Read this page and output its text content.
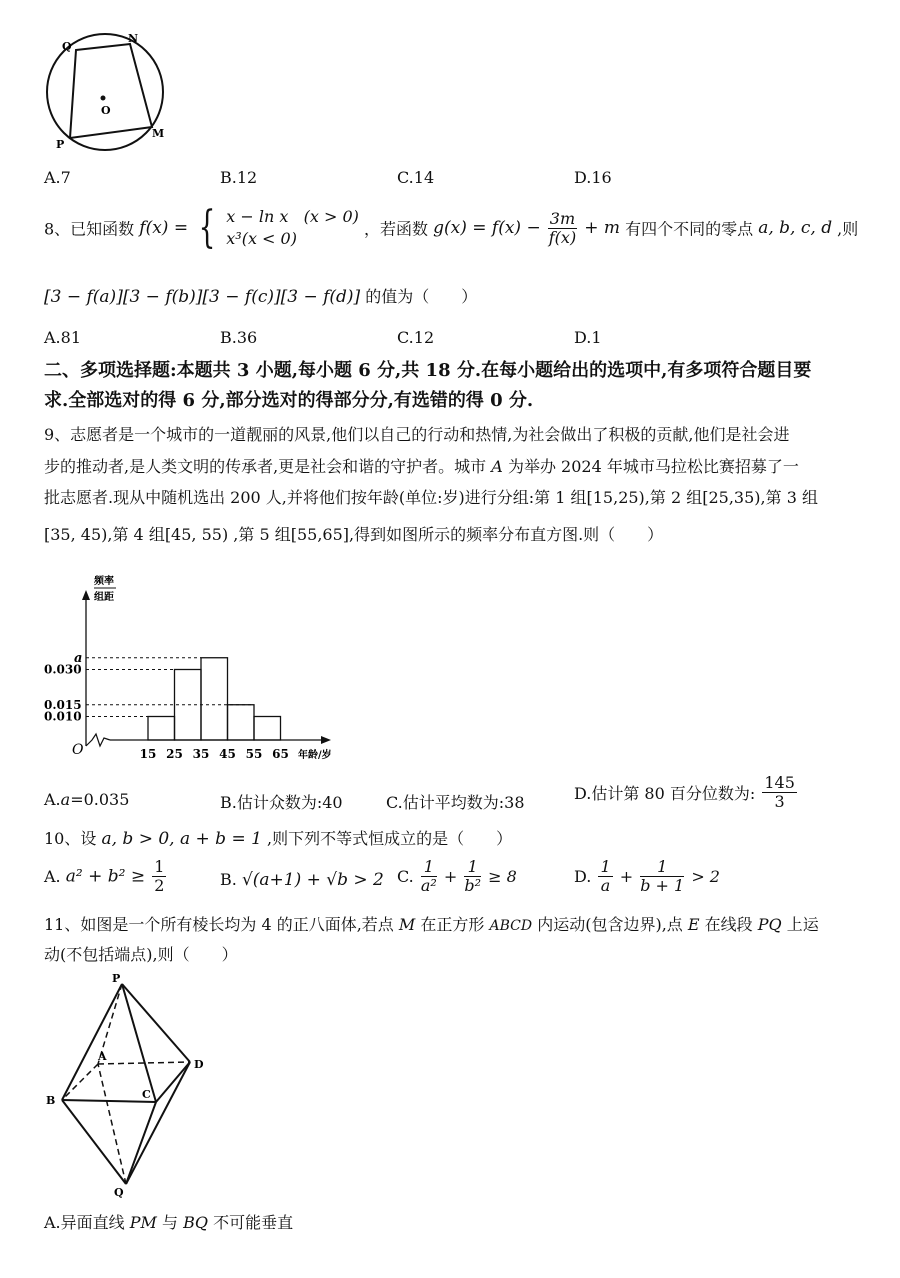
Q
N
O
P
M
A.7	B.12	C.14	D.16
8、已知函数 f(x) = { x − ln x   (x > 0)
x³(x < 0)	，若函数 $g(x) = f(x) - \frac{3m}{f(x)} + m$ 有四个不同的零点 a, b, c, d ,则
[3 − f(a)][3 − f(b)][3 − f(c)][3 − f(d)] 的值为（　　）
A.81	B.36	C.12	D.1
二、多项选择题:本题共 3 小题,每小题 6 分,共 18 分.在每小题给出的选项中,有多项符合题目要
求.全部选对的得 6 分,部分选对的得部分分,有选错的得 0 分.
9、志愿者是一个城市的一道靓丽的风景,他们以自己的行动和热情,为社会做出了积极的贡献,他们是社会进
步的推动者,是人类文明的传承者,更是社会和谐的守护者。城市 A 为举办 2024 年城市马拉松比赛招募了一
批志愿者.现从中随机选出 200 人,并将他们按年龄(单位:岁)进行分组:第 1 组[15,25),第 2 组[25,35),第 3 组
[35, 45),第 4 组[45, 55) ,第 5 组[55,65],得到如图所示的频率分布直方图.则（　　）
频率
组距
O	年龄/岁
a
0.030
0.015
0.010
15 25 35 45 55 65
A.a=0.035	B.估计众数为:40	C.估计平均数为:38	D.估计第 80 百分位数为: $\frac{145}{3}$
10、设 a, b > 0, a + b = 1 ,则下列不等式恒成立的是（　　）
A. $a^2 + b^2 \ge \frac{1}{2}$	B. √(a+1) + √b > 2 C. $\frac{1}{\text{a²}} + \frac{1}{\text{b²}} \ge 8$	D. $\frac{1}{a} + \frac{1}{b + 1} > 2$
11、如图是一个所有棱长均为 4 的正八面体,若点 M 在正方形 ABCD 内运动(包含边界),点 E 在线段 PQ 上运
动(不包括端点),则（　　）
P
A
D
B	C
Q
A.异面直线 PM 与 BQ 不可能垂直
